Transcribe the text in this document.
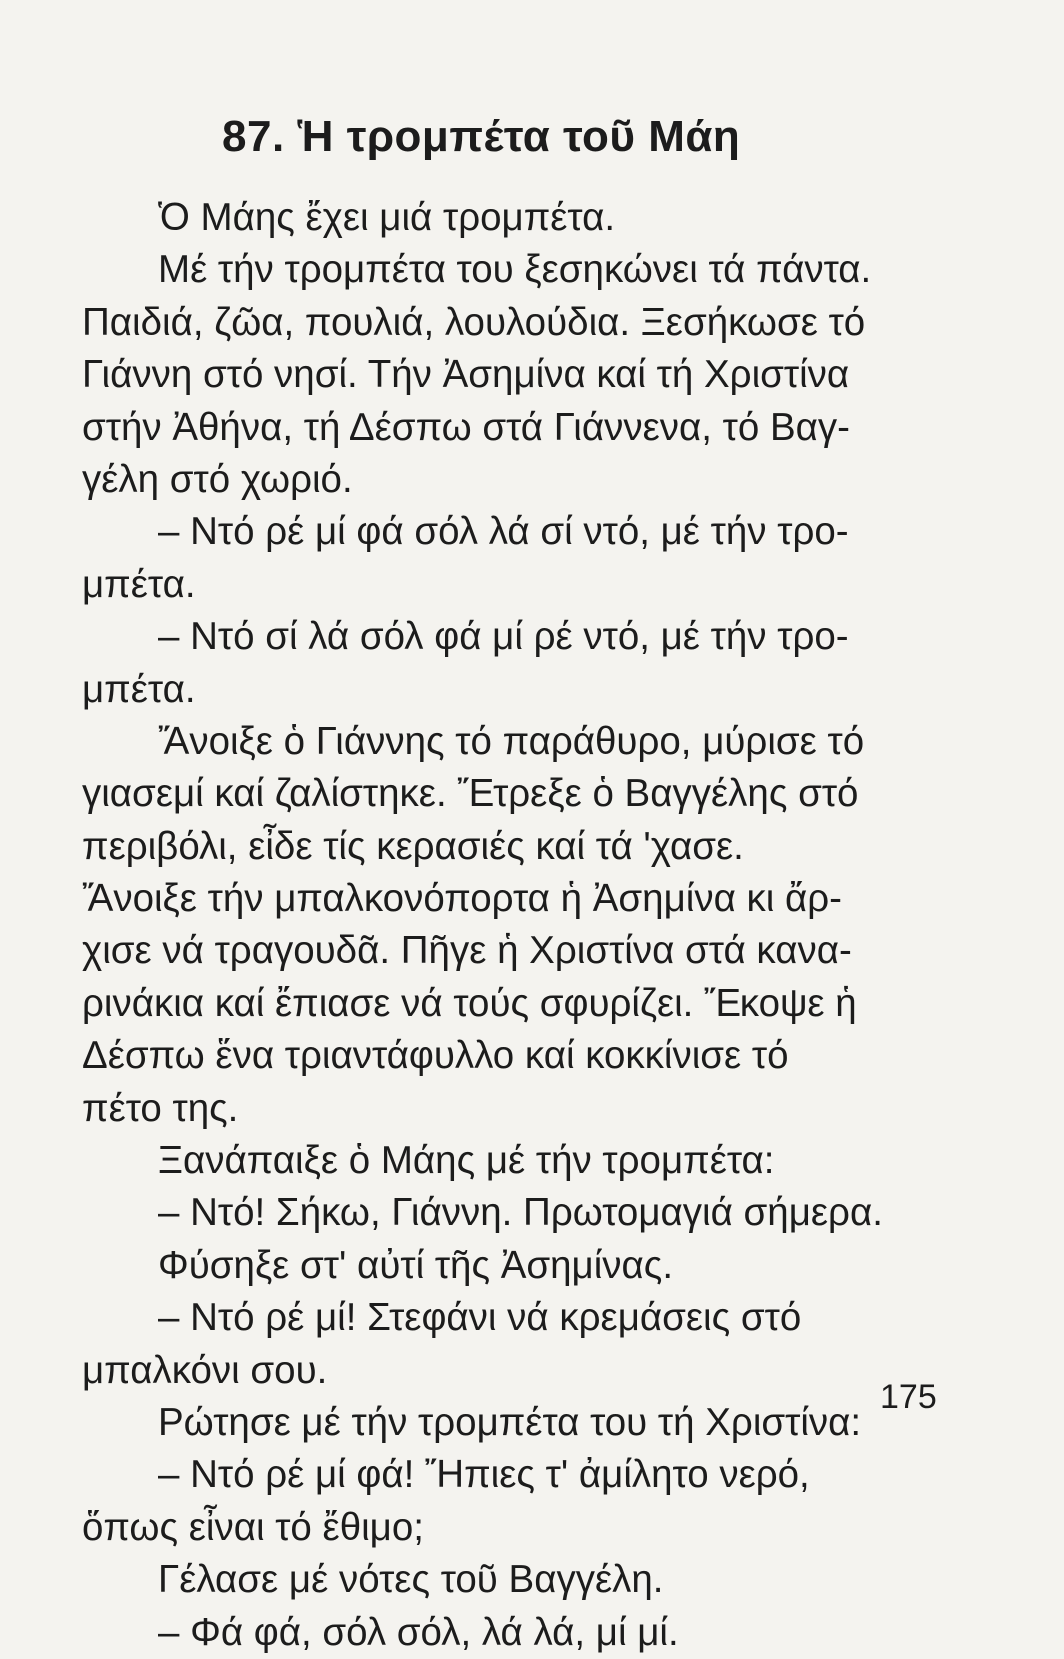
87. Ἡ τρομπέτα τοῦ Μάη
Ὁ Μάης ἔχει μιά τρομπέτα.
Μέ τήν τρομπέτα του ξεσηκώνει τά πάντα.
Παιδιά, ζῶα, πουλιά, λουλούδια. Ξεσήκωσε τό
Γιάννη στό νησί. Τήν Ἀσημίνα καί τή Χριστίνα
στήν Ἀθήνα, τή Δέσπω στά Γιάννενα, τό Βαγ-
γέλη στό χωριό.
– Ντό ρέ μί φά σόλ λά σί ντό, μέ τήν τρο-
μπέτα.
– Ντό σί λά σόλ φά μί ρέ ντό, μέ τήν τρο-
μπέτα.
Ἄνοιξε ὁ Γιάννης τό παράθυρο, μύρισε τό
γιασεμί καί ζαλίστηκε. Ἔτρεξε ὁ Βαγγέλης στό
περιβόλι, εἶδε τίς κερασιές καί τά 'χασε.
Ἄνοιξε τήν μπαλκονόπορτα ἡ Ἀσημίνα κι ἄρ-
χισε νά τραγουδᾶ. Πῆγε ἡ Χριστίνα στά κανα-
ρινάκια καί ἔπιασε νά τούς σφυρίζει. Ἔκοψε ἡ
Δέσπω ἕνα τριαντάφυλλο καί κοκκίνισε τό
πέτο της.
Ξανάπαιξε ὁ Μάης μέ τήν τρομπέτα:
– Ντό! Σήκω, Γιάννη. Πρωτομαγιά σήμερα.
Φύσηξε στ' αὐτί τῆς Ἀσημίνας.
– Ντό ρέ μί! Στεφάνι νά κρεμάσεις στό
μπαλκόνι σου.
Ρώτησε μέ τήν τρομπέτα του τή Χριστίνα:
– Ντό ρέ μί φά! Ἤπιες τ' ἀμίλητο νερό,
ὅπως εἶναι τό ἔθιμο;
Γέλασε μέ νότες τοῦ Βαγγέλη.
– Φά φά, σόλ σόλ, λά λά, μί μί.

175
